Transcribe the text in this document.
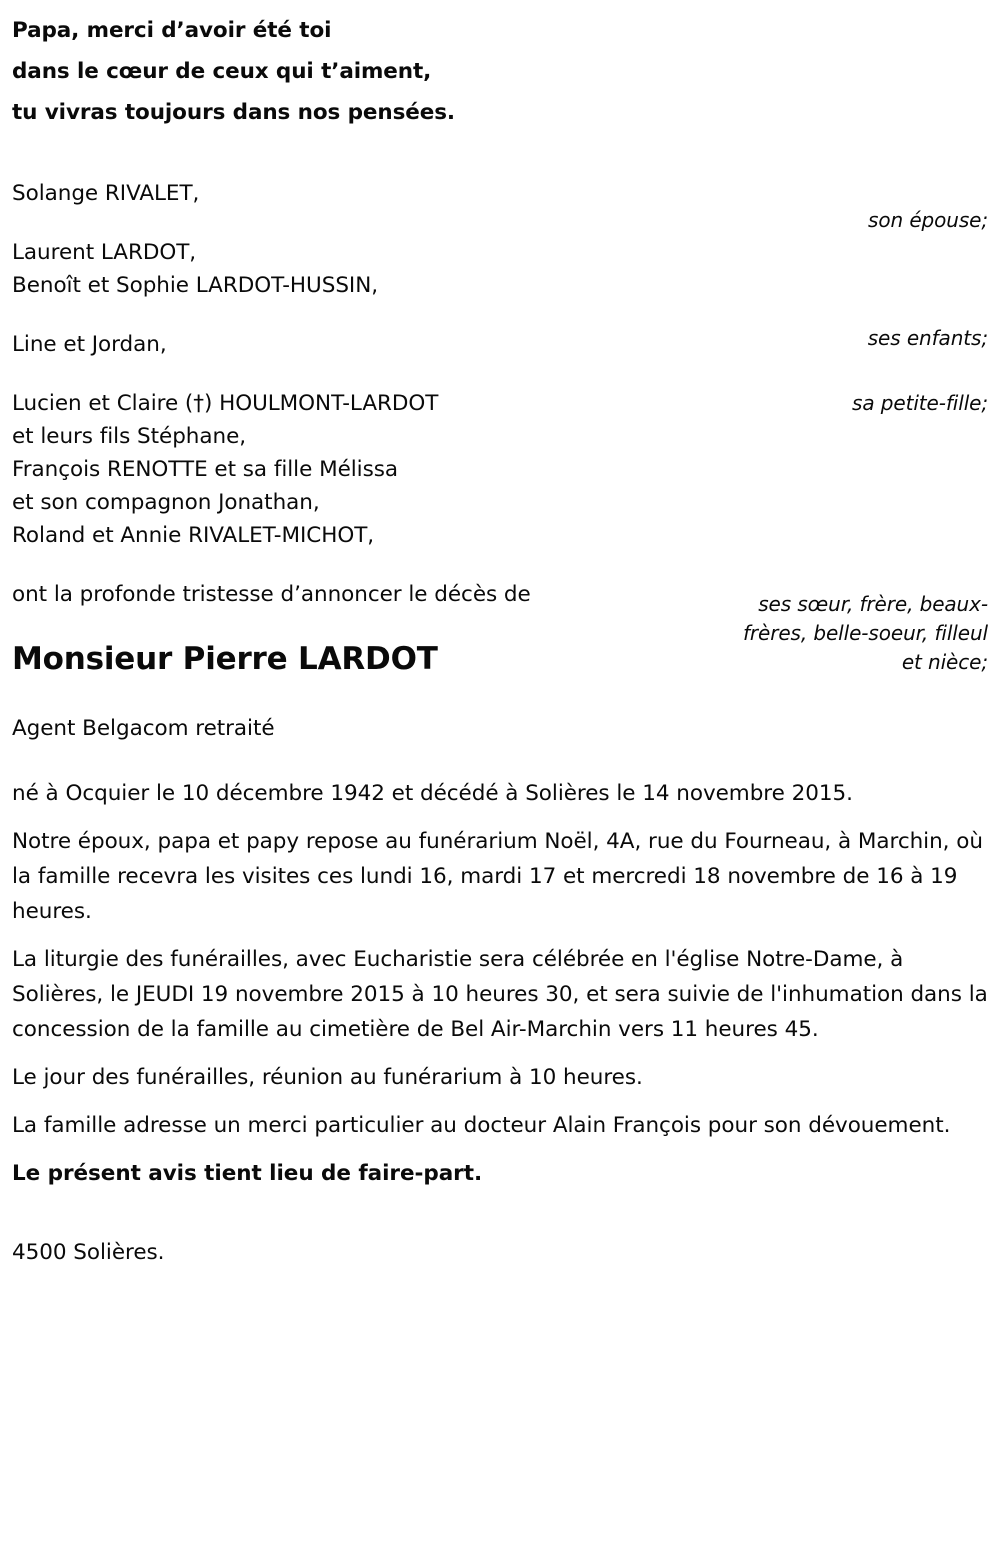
Papa, merci d’avoir été toi
dans le cœur de ceux qui t’aiment,
tu vivras toujours dans nos pensées.
Solange RIVALET,
Laurent LARDOT,
Benoît et Sophie LARDOT-HUSSIN,
Line et Jordan,
Lucien et Claire (†) HOULMONT-LARDOT
et leurs fils Stéphane,
François RENOTTE et sa fille Mélissa
et son compagnon Jonathan,
Roland et Annie RIVALET-MICHOT,
son épouse;
ses enfants;
sa petite-fille;
ses sœur, frère, beaux-frères, belle-soeur, filleul et nièce;
ont la profonde tristesse d’annoncer le décès de
Monsieur Pierre LARDOT
Agent Belgacom retraité

né à Ocquier le 10 décembre 1942 et décédé à Solières le 14 novembre 2015.

Notre époux, papa et papy repose au funérarium Noël, 4A, rue du Fourneau, à Marchin, où la famille recevra les visites ces lundi 16, mardi 17 et mercredi 18 novembre de 16 à 19 heures.

La liturgie des funérailles, avec Eucharistie sera célébrée en l'église Notre-Dame, à Solières, le JEUDI 19 novembre 2015 à 10 heures 30, et sera suivie de l'inhumation dans la concession de la famille au cimetière de Bel Air-Marchin vers 11 heures 45.

Le jour des funérailles, réunion au funérarium à 10 heures.

La famille adresse un merci particulier au docteur Alain François pour son dévouement.

Le présent avis tient lieu de faire-part.

4500 Solières.
